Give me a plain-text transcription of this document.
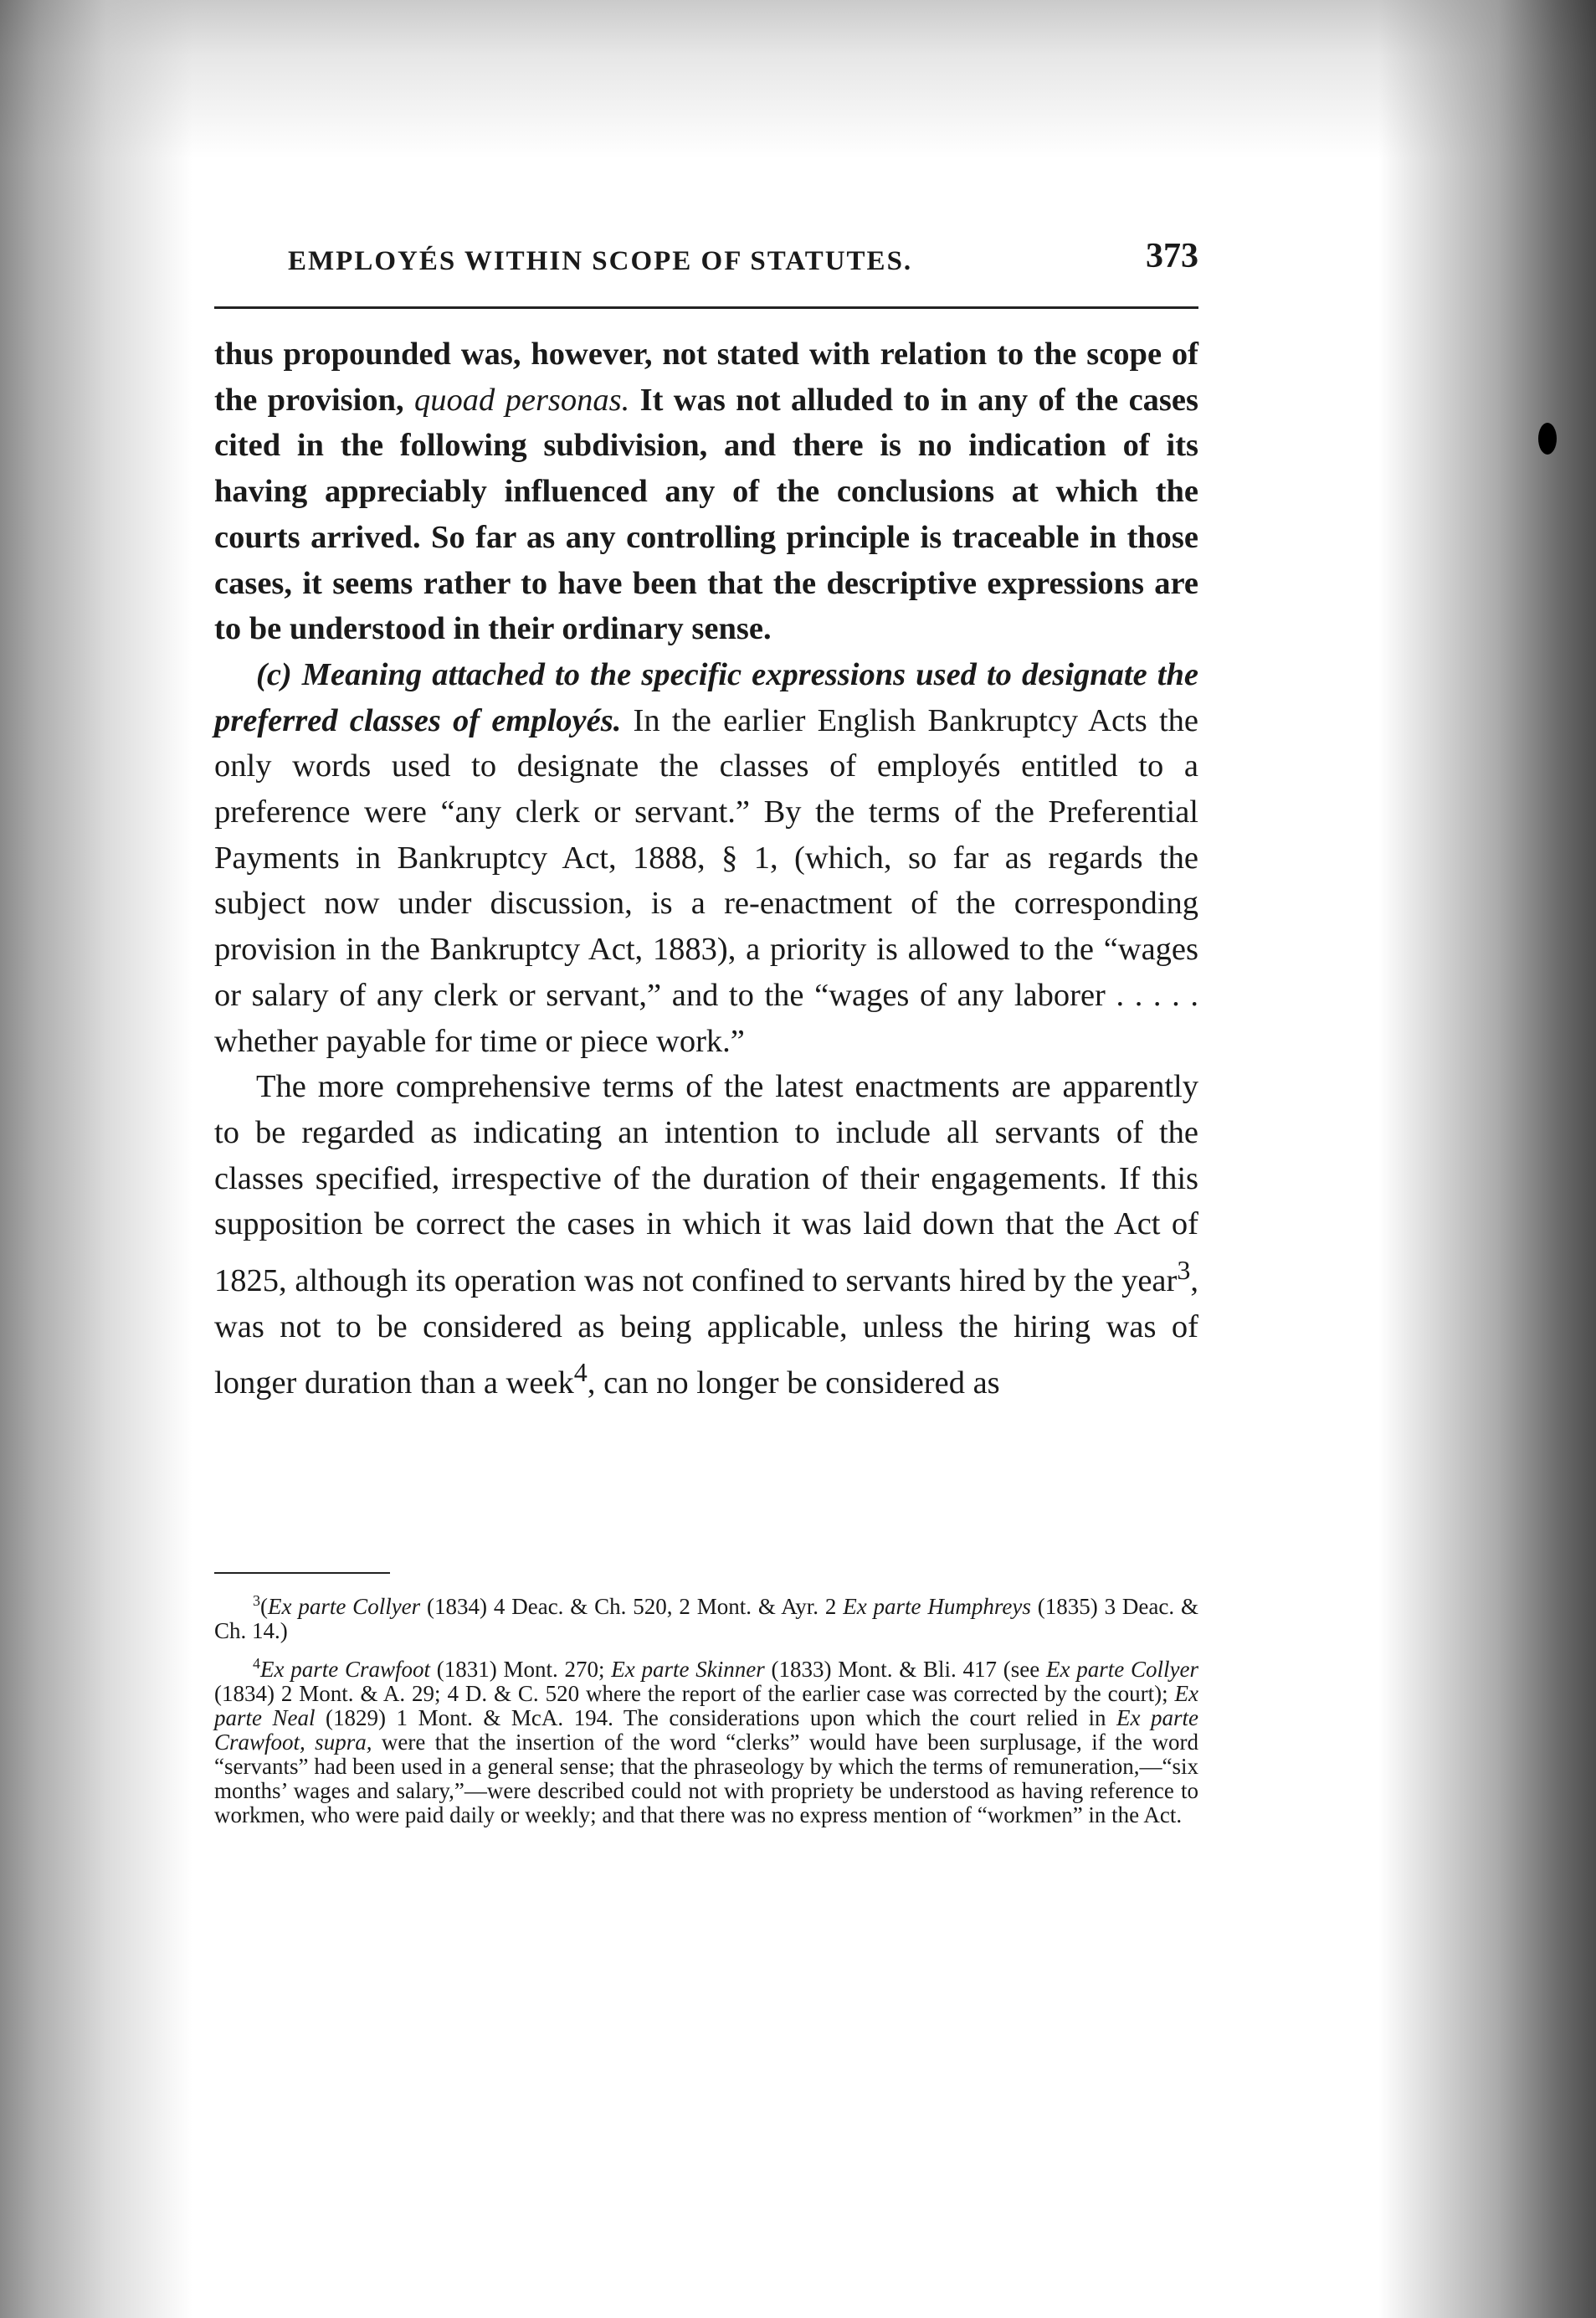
EMPLOYÉS WITHIN SCOPE OF STATUTES.	373

thus propounded was, however, not stated with relation to the scope of the provision, quoad personas. It was not alluded to in any of the cases cited in the following subdivision, and there is no indication of its having appreciably influenced any of the conclusions at which the courts arrived. So far as any controlling principle is traceable in those cases, it seems rather to have been that the descriptive expressions are to be understood in their ordinary sense.

(c) Meaning attached to the specific expressions used to designate the preferred classes of employés. In the earlier English Bankruptcy Acts the only words used to designate the classes of employés entitled to a preference were “any clerk or servant.” By the terms of the Preferential Payments in Bankruptcy Act, 1888, § 1, (which, so far as regards the subject now under discussion, is a re-enactment of the corresponding provision in the Bankruptcy Act, 1883), a priority is allowed to the “wages or salary of any clerk or servant,” and to the “wages of any laborer . . . . . whether payable for time or piece work.”

The more comprehensive terms of the latest enactments are apparently to be regarded as indicating an intention to include all servants of the classes specified, irrespective of the duration of their engagements. If this supposition be correct the cases in which it was laid down that the Act of 1825, although its operation was not confined to servants hired by the year$^3$, was not to be considered as being applicable, unless the hiring was of longer duration than a week$^4$, can no longer be considered as

$^3$(Ex parte Collyer (1834) 4 Deac. & Ch. 520, 2 Mont. & Ayr. 2 Ex parte Humphreys (1835) 3 Deac. & Ch. 14.)

$^4$Ex parte Crawfoot (1831) Mont. 270; Ex parte Skinner (1833) Mont. & Bli. 417 (see Ex parte Collyer (1834) 2 Mont. & A. 29; 4 D. & C. 520 where the report of the earlier case was corrected by the court); Ex parte Neal (1829) 1 Mont. & McA. 194. The considerations upon which the court relied in Ex parte Crawfoot, supra, were that the insertion of the word “clerks” would have been surplusage, if the word “servants” had been used in a general sense; that the phraseology by which the terms of remuneration,—“six months’ wages and salary,”—were described could not with propriety be understood as having reference to workmen, who were paid daily or weekly; and that there was no express mention of “workmen” in the Act.
